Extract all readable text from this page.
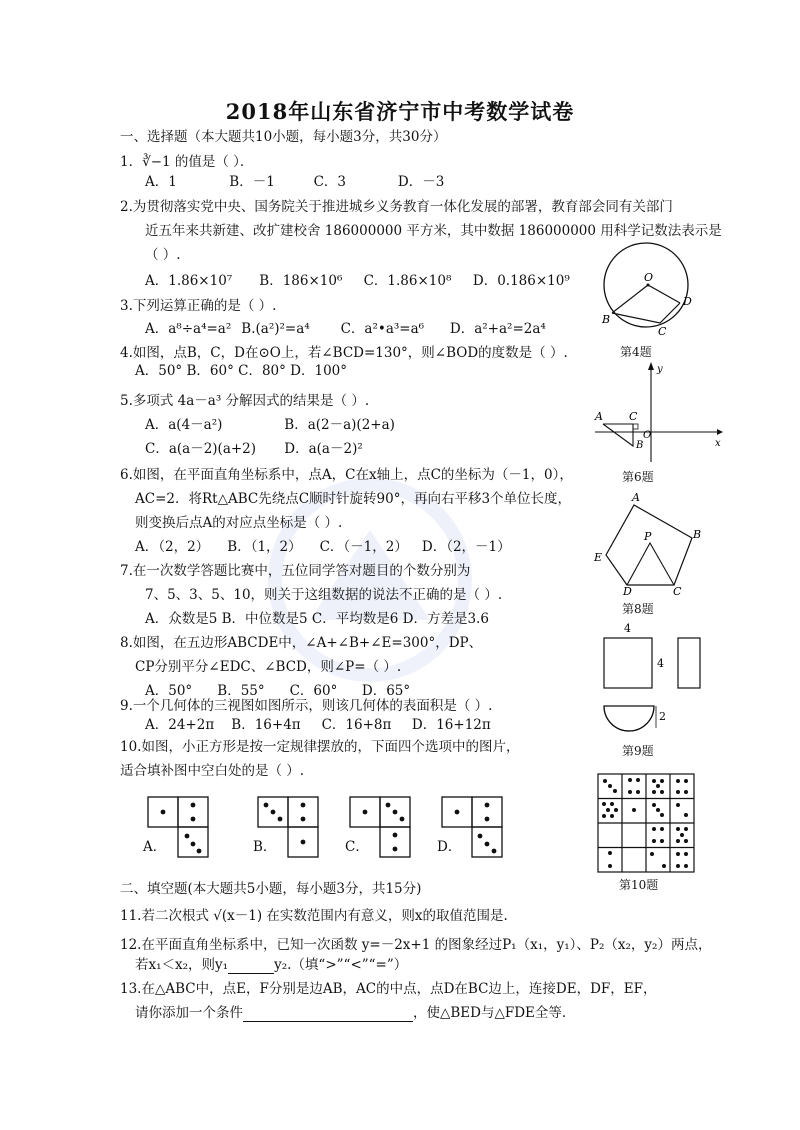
2018年山东省济宁市中考数学试卷
一、选择题（本大题共10小题，每小题3分，共30分）
1．∛−1 的值是（ ）．
A．1	B．－1	C．3	D．－3
2.为贯彻落实党中央、国务院关于推进城乡义务教育一体化发展的部署，教育部会同有关部门
近五年来共新建、改扩建校舍 186000000 平方米，其中数据 186000000 用科学记数法表示是
（ ）.
A．1.86×10⁷ B．186×10⁶ C．1.86×10⁸ D．0.186×10⁹
3.下列运算正确的是（ ）.
A．a⁸÷a⁴=a² B.(a²)²=a⁴ C．a²•a³=a⁶ D．a²+a²=2a⁴
4.如图，点B，C，D在⊙O上，若∠BCD=130°，则∠BOD的度数是（ ）.
A．50° B．60° C．80° D．100°
5.多项式 4a－a³ 分解因式的结果是（ ）.
A．a(4－a²)	B．a(2－a)(2+a)
C．a(a－2)(a+2) D．a(a－2)²
6.如图，在平面直角坐标系中，点A，C在x轴上，点C的坐标为（－1，0），
AC=2．将Rt△ABC先绕点C顺时针旋转90°，再向右平移3个单位长度，
则变换后点A的对应点坐标是（ ）.
A．（2，2） B．（1，2） C．（－1，2） D．（2，－1）
7.在一次数学答题比赛中，五位同学答对题目的个数分别为
7、5、3、5、10，则关于这组数据的说法不正确的是（ ）.
A．众数是5 B．中位数是5 C．平均数是6 D．方差是3.6
8.如图，在五边形ABCDE中，∠A+∠B+∠E=300°，DP、
CP分别平分∠EDC、∠BCD，则∠P=（ ）.
A．50° B．55° C．60° D．65°
9.一个几何体的三视图如图所示，则该几何体的表面积是（ ）.
A．24+2π B．16+4π C．16+8π D．16+12π
10.如图，小正方形是按一定规律摆放的，下面四个选项中的图片，
适合填补图中空白处的是（ ）.
A．	B．	C．	D．
二、填空题(本大题共5小题，每小题3分，共15分)
11.若二次根式 √(x－1) 在实数范围内有意义，则x的取值范围是.
12.在平面直角坐标系中，已知一次函数 y=－2x+1 的图象经过P₁（x₁，y₁）、P₂（x₂，y₂）两点，
若x₁＜x₂，则y₁	y₂.（填“>”“<”“=”）
13.在△ABC中，点E，F分别是边AB，AC的中点，点D在BC边上，连接DE，DF，EF，
请你添加一个条件	，使△BED与△FDE全等.
O
B
C
D
第4题
y
x
A C
B
O
第6题
A
B
E
P
D	C
第8题
4
4
2
第9题
第10题
